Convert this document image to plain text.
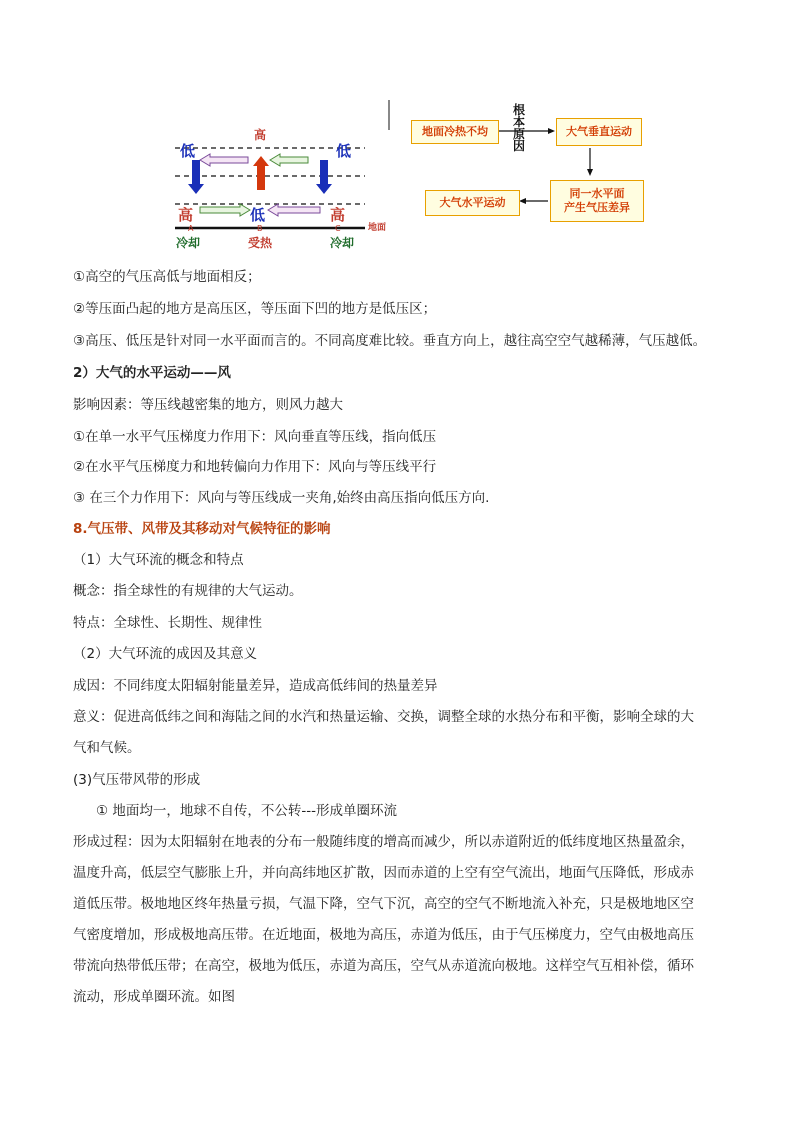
高
低	低
高	低	高
A	B	C	地面
冷却	受热	冷却
地面冷热不均
根本原因
大气垂直运动
同一水平面
产生气压差异
大气水平运动
①高空的气压高低与地面相反；
②等压面凸起的地方是高压区，等压面下凹的地方是低压区；
③高压、低压是针对同一水平面而言的。不同高度难比较。垂直方向上，越往高空空气越稀薄，气压越低。
2）大气的水平运动——风
影响因素：等压线越密集的地方，则风力越大
①在单一水平气压梯度力作用下：风向垂直等压线，指向低压
②在水平气压梯度力和地转偏向力作用下：风向与等压线平行
③ 在三个力作用下：风向与等压线成一夹角,始终由高压指向低压方向.
8.气压带、风带及其移动对气候特征的影响
（1）大气环流的概念和特点
概念：指全球性的有规律的大气运动。
特点：全球性、长期性、规律性
（2）大气环流的成因及其意义
成因：不同纬度太阳辐射能量差异，造成高低纬间的热量差异
意义：促进高低纬之间和海陆之间的水汽和热量运输、交换，调整全球的水热分布和平衡，影响全球的大
气和气候。
(3)气压带风带的形成
① 地面均一，地球不自传，不公转---形成单圈环流
形成过程：因为太阳辐射在地表的分布一般随纬度的增高而减少，所以赤道附近的低纬度地区热量盈余，
温度升高，低层空气膨胀上升，并向高纬地区扩散，因而赤道的上空有空气流出，地面气压降低，形成赤
道低压带。极地地区终年热量亏损，气温下降，空气下沉，高空的空气不断地流入补充，只是极地地区空
气密度增加，形成极地高压带。在近地面，极地为高压，赤道为低压，由于气压梯度力，空气由极地高压
带流向热带低压带；在高空，极地为低压，赤道为高压，空气从赤道流向极地。这样空气互相补偿，循环
流动，形成单圈环流。如图
